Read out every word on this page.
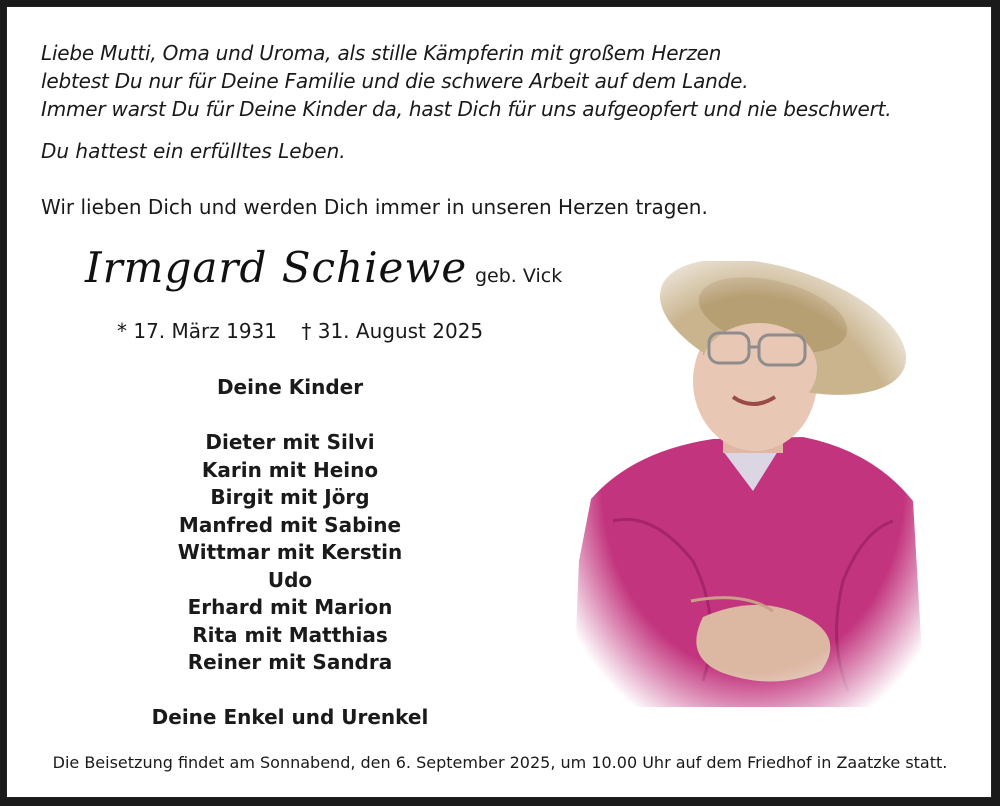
Liebe Mutti, Oma und Uroma, als stille Kämpferin mit großem Herzen
lebtest Du nur für Deine Familie und die schwere Arbeit auf dem Lande.
Immer warst Du für Deine Kinder da, hast Dich für uns aufgeopfert und nie beschwert.
Du hattest ein erfülltes Leben.
Wir lieben Dich und werden Dich immer in unseren Herzen tragen.
Irmgard Schiewe geb. Vick
* 17. März 1931 † 31. August 2025
Deine Kinder
Dieter mit Silvi
Karin mit Heino
Birgit mit Jörg
Manfred mit Sabine
Wittmar mit Kerstin
Udo
Erhard mit Marion
Rita mit Matthias
Reiner mit Sandra
Deine Enkel und Urenkel
Die Beisetzung findet am Sonnabend, den 6. September 2025, um 10.00 Uhr auf dem Friedhof in Zaatzke statt.
